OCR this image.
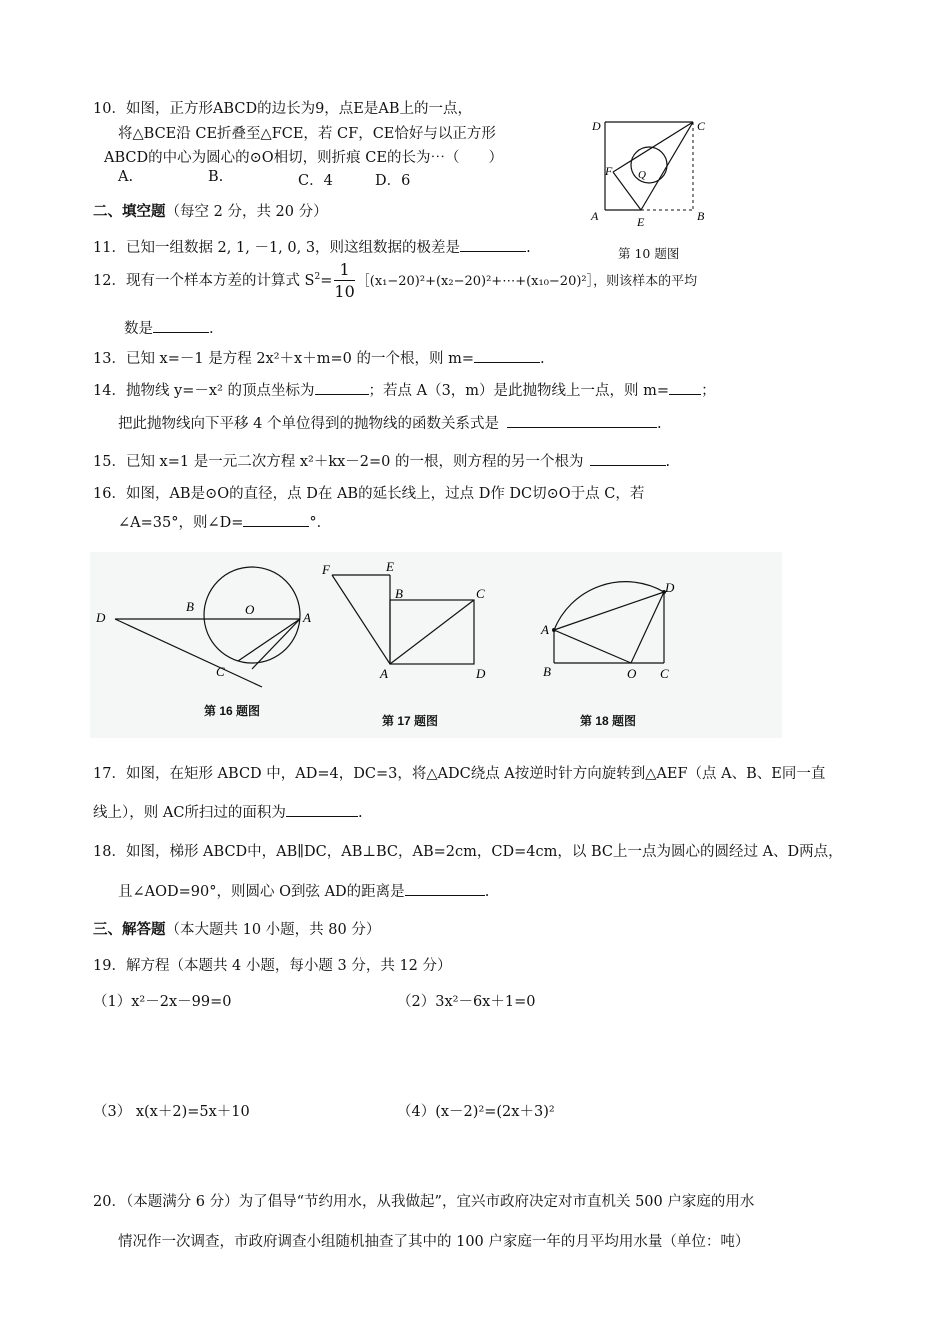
10．如图，正方形ABCD的边长为9，点E是AB上的一点，
将△BCE沿 CE折叠至△FCE，若 CF，CE恰好与以正方形
ABCD的中心为圆心的⊙O相切，则折痕 CE的长为⋯（　　）
A.	B.	C．4	D．6
D	C
F Q
A	E	B
第 10 题图
二、填空题（每空 2 分，共 20 分）
11．已知一组数据 2, 1, －1, 0, 3，则这组数据的极差是	.
12．现有一个样本方差的计算式 $S^2= \frac{1}{10}$ ［(x₁−20)²+(x₂−20)²+⋯+(x₁₀−20)²］，则该样本的平均
数是	.
13．已知 x=－1 是方程 2x²＋x＋m=0 的一个根，则 m=	.
14．抛物线 y=－x² 的顶点坐标为	；若点 A（3，m）是此抛物线上一点，则 m= ；
把此抛物线向下平移 4 个单位得到的抛物线的函数关系式是	.
15．已知 x=1 是一元二次方程 x²＋kx－2=0 的一根，则方程的另一个根为	.
16．如图，AB是⊙O的直径，点 D在 AB的延长线上，过点 D作 DC切⊙O于点 C，若
∠A=35°，则∠D=	°．
D
B	O
A
C
第 16 题图
F	E
B	C
A	D
第 17 题图
D
A
B	O C
第 18 题图
17．如图，在矩形 ABCD 中，AD=4，DC=3，将△ADC绕点 A按逆时针方向旋转到△AEF（点 A、B、E同一直
线上），则 AC所扫过的面积为	.
18．如图，梯形 ABCD中，AB∥DC，AB⊥BC，AB=2cm，CD=4cm，以 BC上一点为圆心的圆经过 A、D两点，
且∠AOD=90°，则圆心 O到弦 AD的距离是	.
三、解答题（本大题共 10 小题，共 80 分）
19．解方程（本题共 4 小题，每小题 3 分，共 12 分）
（1）x²－2x－99=0	（2）3x²－6x＋1=0
（3） x(x＋2)=5x＋10	（4）(x－2)²=(2x＋3)²
20．（本题满分 6 分）为了倡导“节约用水，从我做起”，宜兴市政府决定对市直机关 500 户家庭的用水
情况作一次调查，市政府调查小组随机抽查了其中的 100 户家庭一年的月平均用水量（单位：吨）
